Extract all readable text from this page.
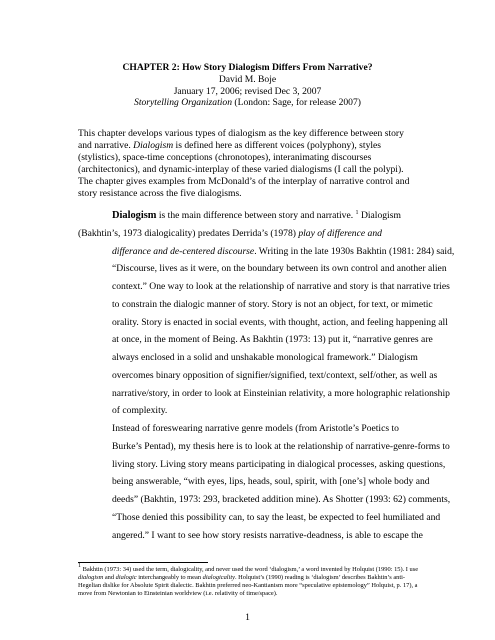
CHAPTER 2: How Story Dialogism Differs From Narrative?
David M. Boje
January 17, 2006; revised Dec 3, 2007
Storytelling Organization (London: Sage, for release 2007)
This chapter develops various types of dialogism as the key difference between story and narrative. Dialogism is defined here as different voices (polyphony), styles (stylistics), space-time conceptions (chronotopes), interanimating discourses (architectonics), and dynamic-interplay of these varied dialogisms (I call the polypi). The chapter gives examples from McDonald’s of the interplay of narrative control and story resistance across the five dialogisms.

Dialogism is the main difference between story and narrative. $^1$ Dialogism
(Bakhtin’s, 1973 dialogicality) predates Derrida’s (1978) play of difference and
differance and de-centered discourse. Writing in the late 1930s Bakhtin (1981: 284) said,
“Discourse, lives as it were, on the boundary between its own control and another alien
context.” One way to look at the relationship of narrative and story is that narrative tries
to constrain the dialogic manner of story. Story is not an object, for text, or mimetic
orality. Story is enacted in social events, with thought, action, and feeling happening all
at once, in the moment of Being. As Bakhtin (1973: 13) put it, “narrative genres are
always enclosed in a solid and unshakable monological framework.” Dialogism
overcomes binary opposition of signifier/signified, text/context, self/other, as well as
narrative/story, in order to look at Einsteinian relativity, a more holographic relationship
of complexity.

Instead of foreswearing narrative genre models (from Aristotle’s Poetics to
Burke’s Pentad), my thesis here is to look at the relationship of narrative-genre-forms to
living story. Living story means participating in dialogical processes, asking questions,
being answerable, “with eyes, lips, heads, soul, spirit, with [one’s] whole body and
deeds” (Bakhtin, 1973: 293, bracketed addition mine). As Shotter (1993: 62) comments,
“Those denied this possibility can, to say the least, be expected to feel humiliated and
angered.” I want to see how story resists narrative-deadness, is able to escape the

$^1$ Bakhtin (1973: 34) used the term, dialogicality, and never used the word ‘dialogism,’ a word invented by Holquist (1990: 15). I use dialogism and dialogic interchangeably to mean dialogicality. Holquist’s (1990) reading is ‘dialogism’ describes Bakhtin’s anti-Hegelian dislike for Absolute Spirit dialectic. Bakhtin preferred neo-Kantianism more “speculative epistemology” Holquist, p. 17), a move from Newtonian to Einsteinian worldview (i.e. relativity of time/space).
1
